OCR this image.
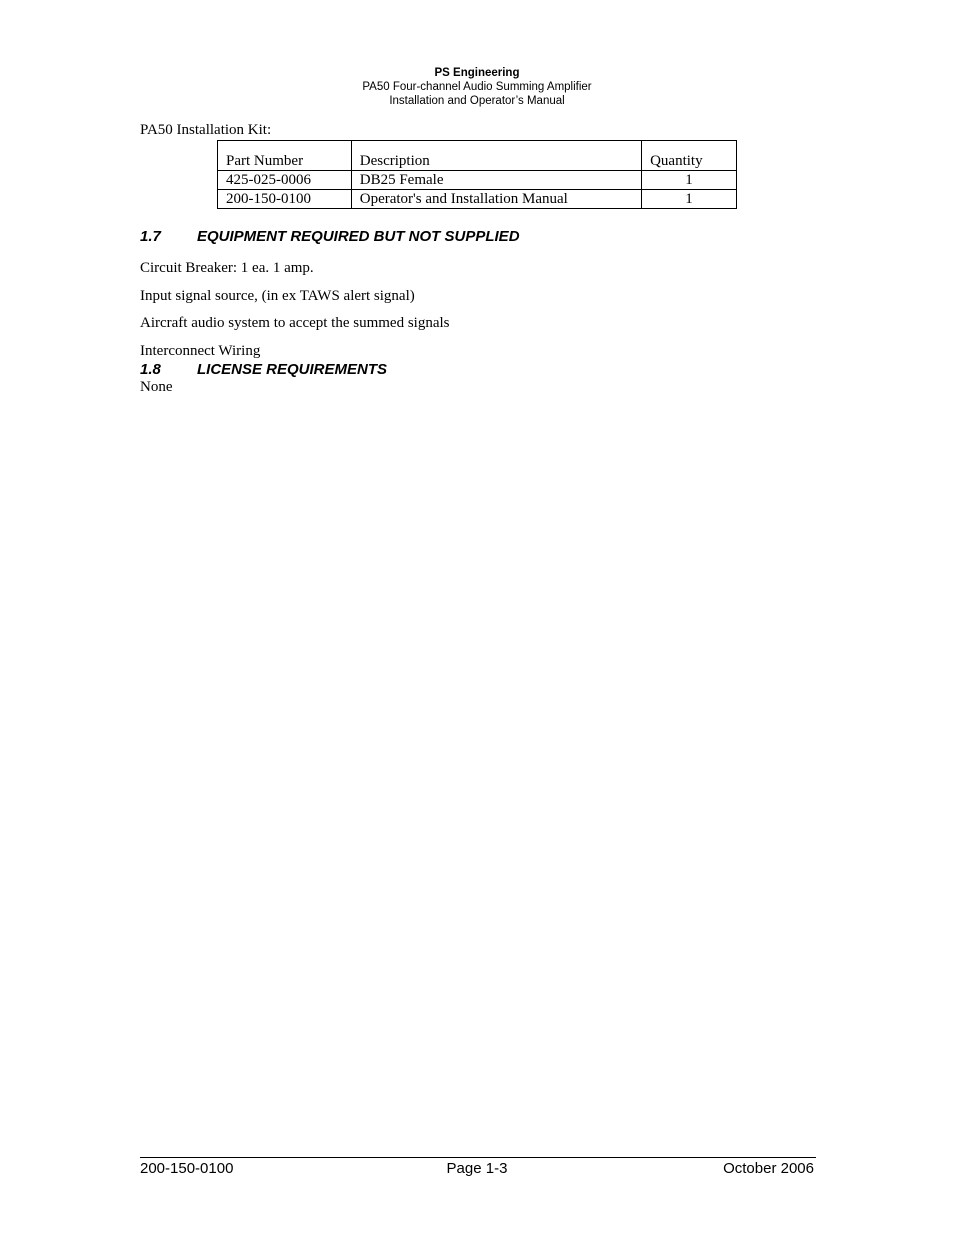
PS Engineering
PA50 Four-channel Audio Summing Amplifier
Installation and Operator’s Manual
PA50 Installation Kit:
Part Number	Description	Quantity
425-025-0006	DB25 Female	1
200-150-0100	Operator's and Installation Manual	1
1.7 EQUIPMENT REQUIRED BUT NOT SUPPLIED
Circuit Breaker: 1 ea. 1 amp.
Input signal source, (in ex TAWS alert signal)
Aircraft audio system to accept the summed signals
Interconnect Wiring
1.8 LICENSE REQUIREMENTS
None
200-150-0100	Page 1-3	October 2006
